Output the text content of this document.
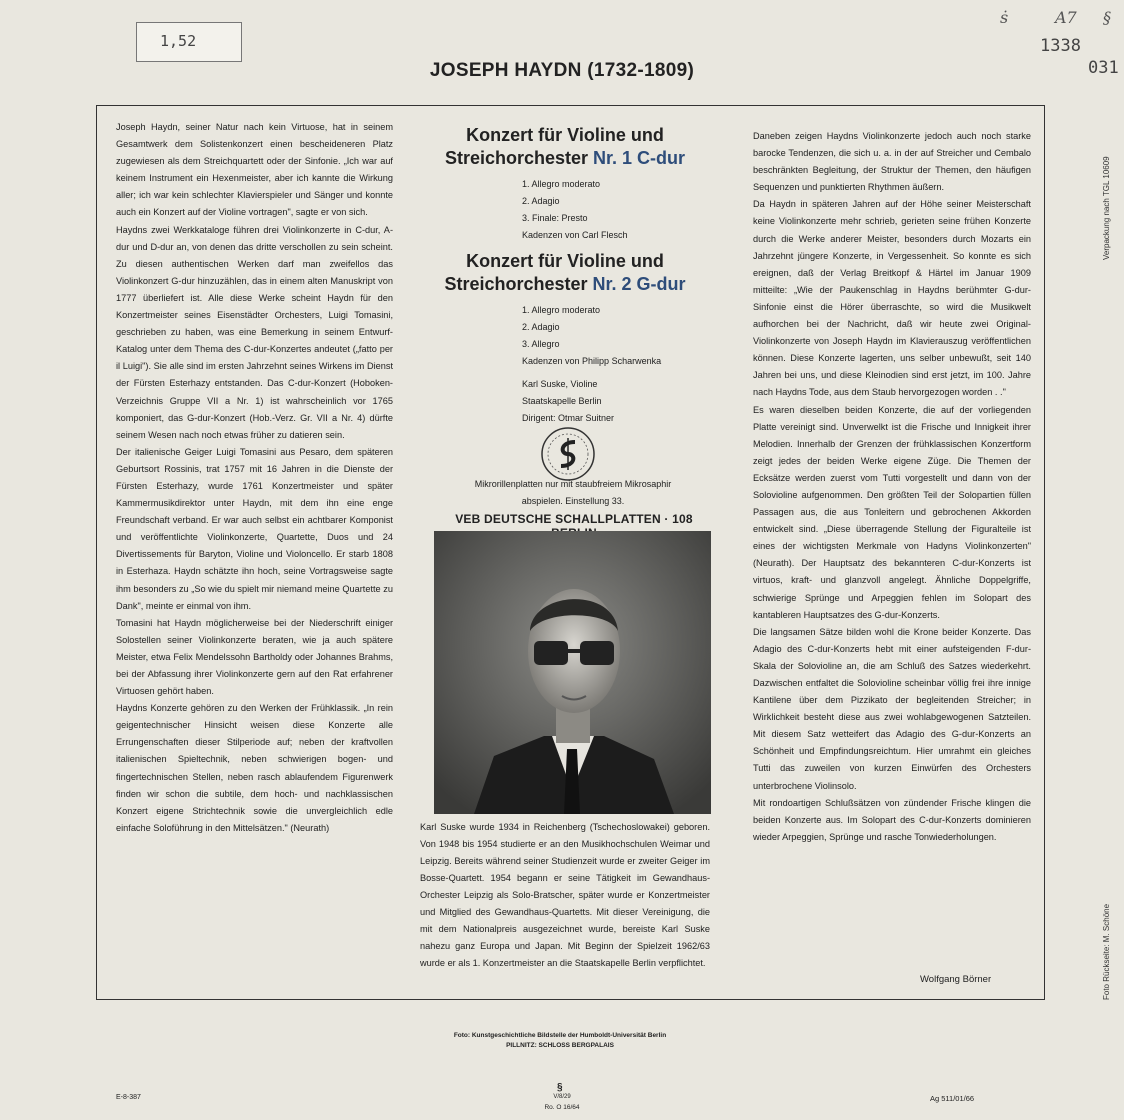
1,52
ṡ	A7 §
1338
031
JOSEPH HAYDN (1732-1809)

Joseph Haydn, seiner Natur nach kein Virtuose, hat in seinem Gesamtwerk dem Solistenkonzert einen bescheideneren Platz zugewiesen als dem Streichquartett oder der Sinfonie. „Ich war auf keinem Instrument ein Hexenmeister, aber ich kannte die Wirkung aller; ich war kein schlechter Klavierspieler und Sänger und konnte auch ein Konzert auf der Violine vortragen", sagte er von sich.

Haydns zwei Werkkataloge führen drei Violinkonzerte in C-dur, A-dur und D-dur an, von denen das dritte verschollen zu sein scheint. Zu diesen authentischen Werken darf man zweifellos das Violinkonzert G-dur hinzuzählen, das in einem alten Manuskript von 1777 überliefert ist. Alle diese Werke scheint Haydn für den Konzertmeister seines Eisenstädter Orchesters, Luigi Tomasini, geschrieben zu haben, was eine Bemerkung in seinem Entwurf-Katalog unter dem Thema des C-dur-Konzertes andeutet („fatto per il Luigi"). Sie alle sind im ersten Jahrzehnt seines Wirkens im Dienst der Fürsten Esterhazy entstanden. Das C-dur-Konzert (Hoboken-Verzeichnis Gruppe VII a Nr. 1) ist wahrscheinlich vor 1765 komponiert, das G-dur-Konzert (Hob.-Verz. Gr. VII a Nr. 4) dürfte seinem Wesen nach noch etwas früher zu datieren sein.

Der italienische Geiger Luigi Tomasini aus Pesaro, dem späteren Geburtsort Rossinis, trat 1757 mit 16 Jahren in die Dienste der Fürsten Esterhazy, wurde 1761 Konzertmeister und später Kammermusikdirektor unter Haydn, mit dem ihn eine enge Freundschaft verband. Er war auch selbst ein achtbarer Komponist und veröffentlichte Violinkonzerte, Quartette, Duos und 24 Divertissements für Baryton, Violine und Violoncello. Er starb 1808 in Esterhaza. Haydn schätzte ihn hoch, seine Vortragsweise sagte ihm besonders zu „So wie du spielt mir niemand meine Quartette zu Dank", meinte er einmal von ihm.

Tomasini hat Haydn möglicherweise bei der Niederschrift einiger Solostellen seiner Violinkonzerte beraten, wie ja auch spätere Meister, etwa Felix Mendelssohn Bartholdy oder Johannes Brahms, bei der Abfassung ihrer Violinkonzerte gern auf den Rat erfahrener Virtuosen gehört haben.

Haydns Konzerte gehören zu den Werken der Frühklassik. „In rein geigentechnischer Hinsicht weisen diese Konzerte alle Errungenschaften dieser Stilperiode auf; neben der kraftvollen italienischen Spieltechnik, neben schwierigen bogen- und fingertechnischen Stellen, neben rasch ablaufendem Figurenwerk finden wir schon die subtile, dem hoch- und nachklassischen Konzert eigene Strichtechnik sowie die unvergleichlich edle einfache Soloführung in den Mittelsätzen." (Neurath)

Konzert für Violine und
Streichorchester Nr. 1 C-dur
1. Allegro moderato
2. Adagio
3. Finale: Presto
Kadenzen von Carl Flesch
Konzert für Violine und
Streichorchester Nr. 2 G-dur
1. Allegro moderato
2. Adagio
3. Allegro
Kadenzen von Philipp Scharwenka
Karl Suske, Violine
Staatskapelle Berlin
Dirigent: Otmar Suitner
Mikrorillenplatten nur mit staubfreiem Mikrosaphir abspielen. Einstellung 33.
VEB DEUTSCHE SCHALLPLATTEN · 108
Karl Suske wurde 1934 in Reichenberg (Tschechoslowakei) geboren. Von 1948 bis 1954 studierte er an den Musikhochschulen Weimar und Leipzig. Bereits während seiner Studienzeit wurde er zweiter Geiger im Bosse-Quartett. 1954 begann er seine Tätigkeit im Gewandhaus-Orchester Leipzig als Solo-Bratscher, später wurde er Konzertmeister und Mitglied des Gewandhaus-Quartetts. Mit dieser Vereinigung, die mit dem Nationalpreis ausgezeichnet wurde, bereiste Karl Suske nahezu ganz Europa und Japan. Mit Beginn der Spielzeit 1962/63 wurde er als 1. Konzertmeister an die Staatskapelle Berlin verpflichtet.

Daneben zeigen Haydns Violinkonzerte jedoch auch noch starke barocke Tendenzen, die sich u. a. in der auf Streicher und Cembalo beschränkten Begleitung, der Struktur der Themen, den häufigen Sequenzen und punktierten Rhythmen äußern.

Da Haydn in späteren Jahren auf der Höhe seiner Meisterschaft keine Violinkonzerte mehr schrieb, gerieten seine frühen Konzerte durch die Werke anderer Meister, besonders durch Mozarts ein Jahrzehnt jüngere Konzerte, in Vergessenheit. So konnte es sich ereignen, daß der Verlag Breitkopf & Härtel im Januar 1909 mitteilte: „Wie der Paukenschlag in Haydns berühmter G-dur-Sinfonie einst die Hörer überraschte, so wird die Musikwelt aufhorchen bei der Nachricht, daß wir heute zwei Original-Violinkonzerte von Joseph Haydn im Klavierauszug veröffentlichen können. Diese Konzerte lagerten, uns selber unbewußt, seit 140 Jahren bei uns, und diese Kleinodien sind erst jetzt, im 100. Jahre nach Haydns Tode, aus dem Staub hervorgezogen worden . ."

Es waren dieselben beiden Konzerte, die auf der vorliegenden Platte vereinigt sind. Unverwelkt ist die Frische und Innigkeit ihrer Melodien. Innerhalb der Grenzen der frühklassischen Konzertform zeigt jedes der beiden Werke eigene Züge. Die Themen der Ecksätze werden zuerst vom Tutti vorgestellt und dann von der Solovioline aufgenommen. Den größten Teil der Solopartien füllen Passagen aus, die aus Tonleitern und gebrochenen Akkorden entwickelt sind. „Diese überragende Stellung der Figuralteile ist eines der wichtigsten Merkmale von Hadyns Violinkonzerten" (Neurath). Der Hauptsatz des bekannteren C-dur-Konzerts ist virtuos, kraft- und glanzvoll angelegt. Ähnliche Doppelgriffe, schwierige Sprünge und Arpeggien fehlen im Solopart des kantableren Hauptsatzes des G-dur-Konzerts.

Die langsamen Sätze bilden wohl die Krone beider Konzerte. Das Adagio des C-dur-Konzerts hebt mit einer aufsteigenden F-dur-Skala der Solovioline an, die am Schluß des Satzes wiederkehrt. Dazwischen entfaltet die Solovioline scheinbar völlig frei ihre innige Kantilene über dem Pizzikato der begleitenden Streicher; in Wirklichkeit besteht diese aus zwei wohlabgewogenen Satzteilen. Mit diesem Satz wetteifert das Adagio des G-dur-Konzerts an Schönheit und Empfindungsreichtum. Hier umrahmt ein gleiches Tutti das zuweilen von kurzen Einwürfen des Orchesters unterbrochene Violinsolo.

Mit rondoartigen Schlußsätzen von zündender Frische klingen die beiden Konzerte aus. Im Solopart des C-dur-Konzerts dominieren wieder Arpeggien, Sprünge und rasche Tonwiederholungen.

Wolfgang Börner
Verpackung nach TGL 10609
Foto Rückseite: M. Schöne
Foto: Kunstgeschichtliche Bildstelle der Humboldt-Universität Berlin
PILLNITZ: SCHLOSS BERGPALAIS
E-8-387
§
V/8/29
Ro. O 16/64
Ag 511/01/66
